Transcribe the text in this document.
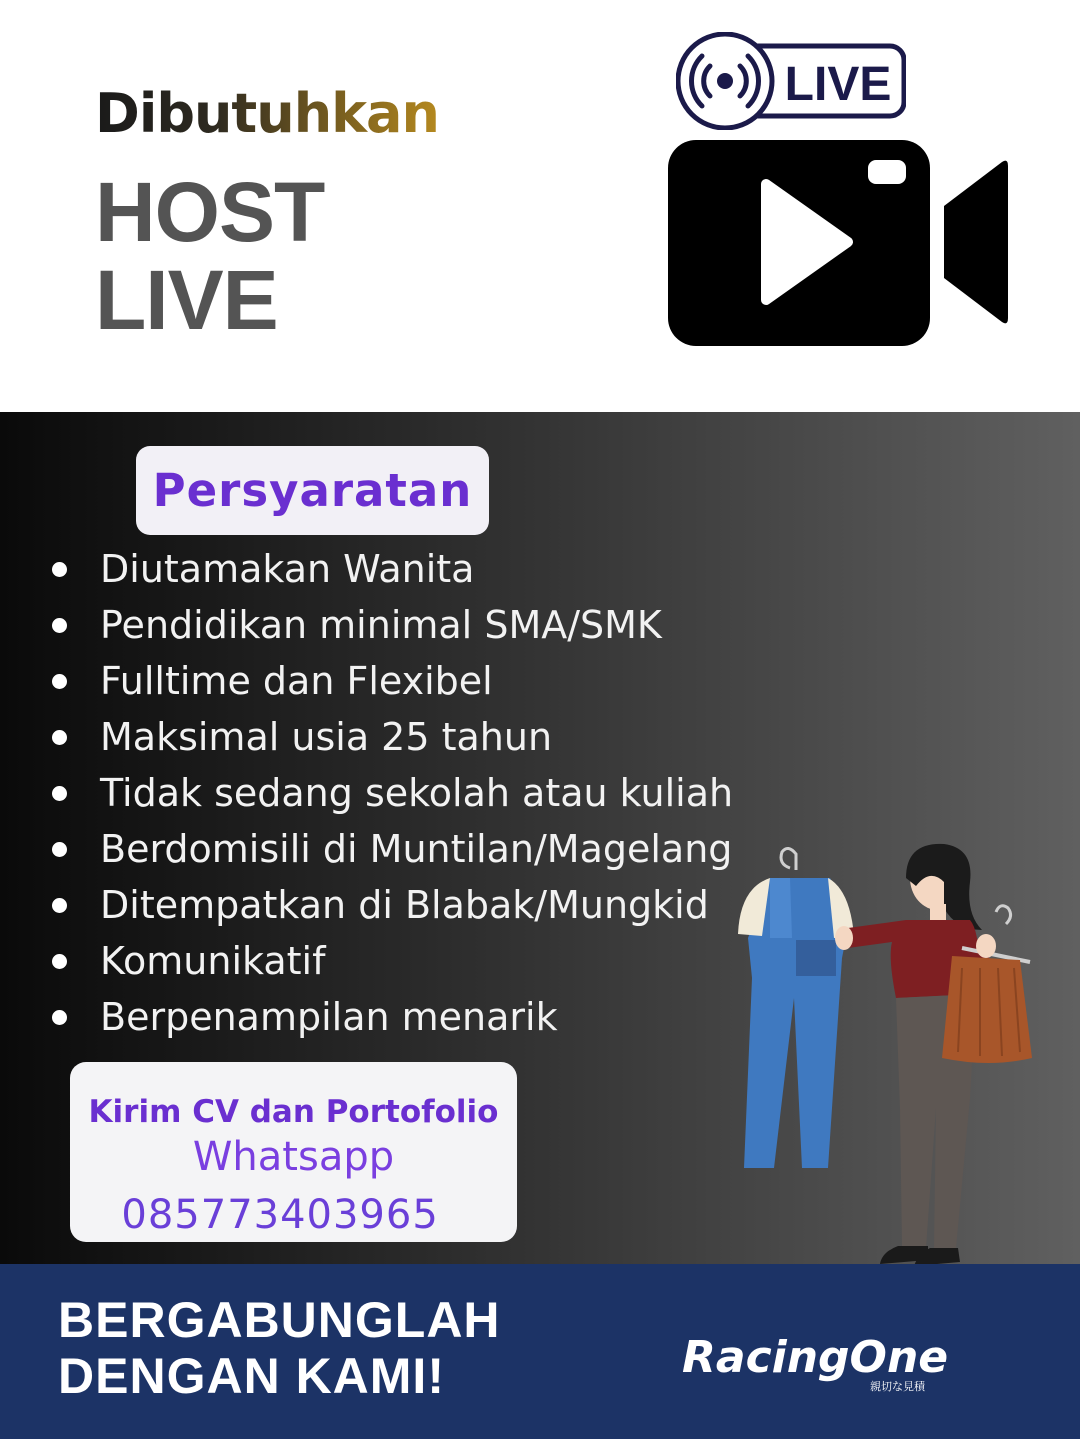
Dibutuhkan
HOST
LIVE
LIVE
Persyaratan
Diutamakan Wanita
Pendidikan minimal SMA/SMK
Fulltime dan Flexibel
Maksimal usia 25 tahun
Tidak sedang sekolah atau kuliah
Berdomisili di Muntilan/Magelang
Ditempatkan di Blabak/Mungkid
Komunikatif
Berpenampilan menarik
Kirim CV dan Portofolio
Whatsapp
085773403965
BERGABUNGLAH
DENGAN KAMI!	RacingOne
親切な見積
